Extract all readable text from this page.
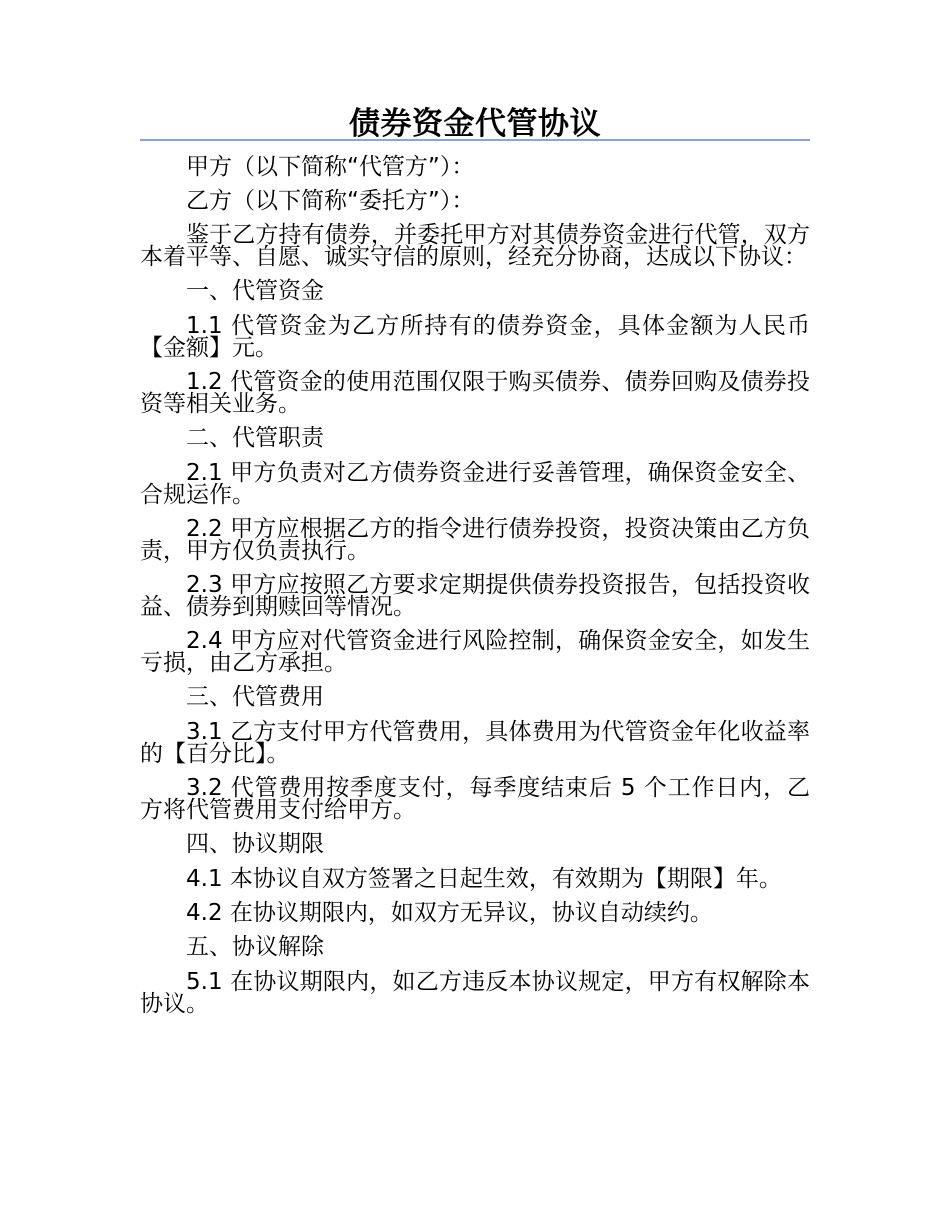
债券资金代管协议

甲方（以下简称“代管方”）：

乙方（以下简称“委托方”）：

鉴于乙方持有债券，并委托甲方对其债券资金进行代管，双方本着平等、自愿、诚实守信的原则，经充分协商，达成以下协议：

一、代管资金

1.1 代管资金为乙方所持有的债券资金，具体金额为人民币【金额】元。

1.2 代管资金的使用范围仅限于购买债券、债券回购及债券投资等相关业务。

二、代管职责

2.1 甲方负责对乙方债券资金进行妥善管理，确保资金安全、合规运作。

2.2 甲方应根据乙方的指令进行债券投资，投资决策由乙方负责，甲方仅负责执行。

2.3 甲方应按照乙方要求定期提供债券投资报告，包括投资收益、债券到期赎回等情况。

2.4 甲方应对代管资金进行风险控制，确保资金安全，如发生亏损，由乙方承担。

三、代管费用

3.1 乙方支付甲方代管费用，具体费用为代管资金年化收益率的【百分比】。

3.2 代管费用按季度支付，每季度结束后 5 个工作日内，乙方将代管费用支付给甲方。

四、协议期限

4.1 本协议自双方签署之日起生效，有效期为【期限】年。

4.2 在协议期限内，如双方无异议，协议自动续约。

五、协议解除

5.1 在协议期限内，如乙方违反本协议规定，甲方有权解除本协议。
